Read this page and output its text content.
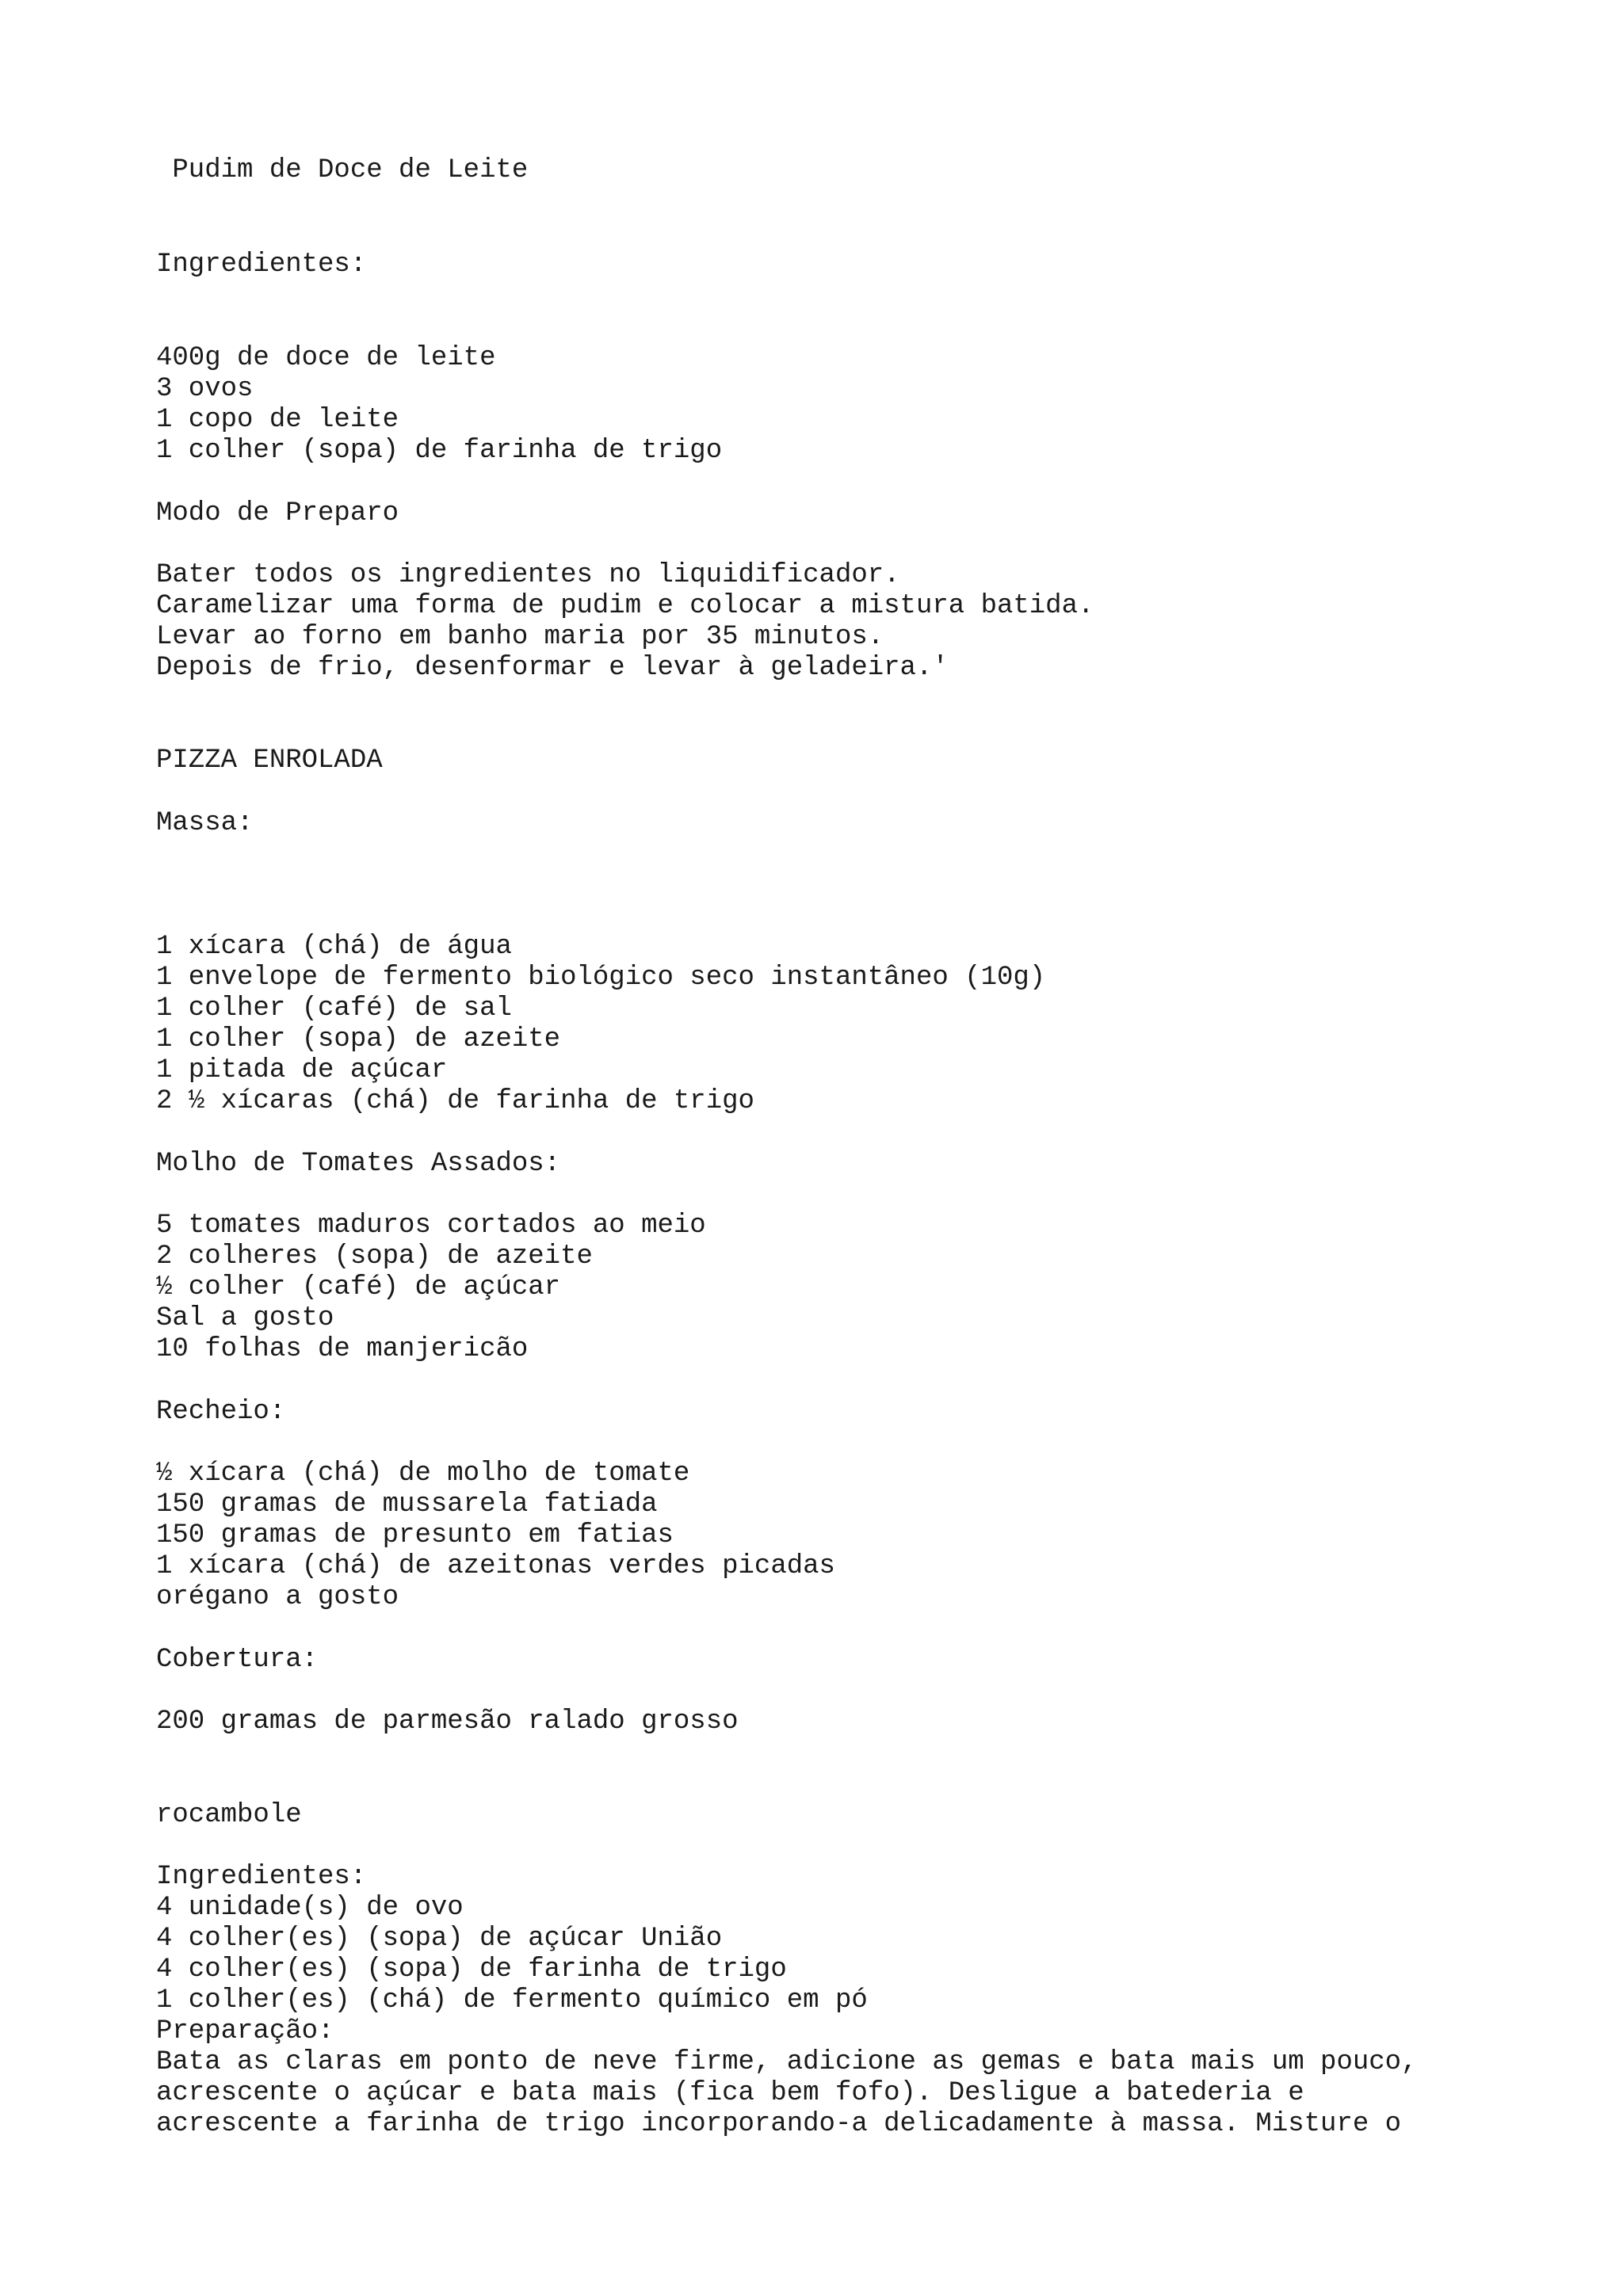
Pudim de Doce de Leite

Ingredientes:

400g de doce de leite

3 ovos

1 copo de leite

1 colher (sopa) de farinha de trigo

Modo de Preparo

Bater todos os ingredientes no liquidificador.

Caramelizar uma forma de pudim e colocar a mistura batida.

Levar ao forno em banho maria por 35 minutos.

Depois de frio, desenformar e levar à geladeira.'

PIZZA ENROLADA

Massa:

1 xícara (chá) de água

1 envelope de fermento biológico seco instantâneo (10g)

1 colher (café) de sal

1 colher (sopa) de azeite

1 pitada de açúcar

2 ½ xícaras (chá) de farinha de trigo

Molho de Tomates Assados:

5 tomates maduros cortados ao meio

2 colheres (sopa) de azeite

½ colher (café) de açúcar

Sal a gosto

10 folhas de manjericão

Recheio:

½ xícara (chá) de molho de tomate

150 gramas de mussarela fatiada

150 gramas de presunto em fatias

1 xícara (chá) de azeitonas verdes picadas

orégano a gosto

Cobertura:

200 gramas de parmesão ralado grosso

rocambole

Ingredientes:

4 unidade(s) de ovo

4 colher(es) (sopa) de açúcar União

4 colher(es) (sopa) de farinha de trigo

1 colher(es) (chá) de fermento químico em pó

Preparação:

Bata as claras em ponto de neve firme, adicione as gemas e bata mais um pouco,

acrescente o açúcar e bata mais (fica bem fofo). Desligue a batederia e

acrescente a farinha de trigo incorporando-a delicadamente à massa. Misture o
